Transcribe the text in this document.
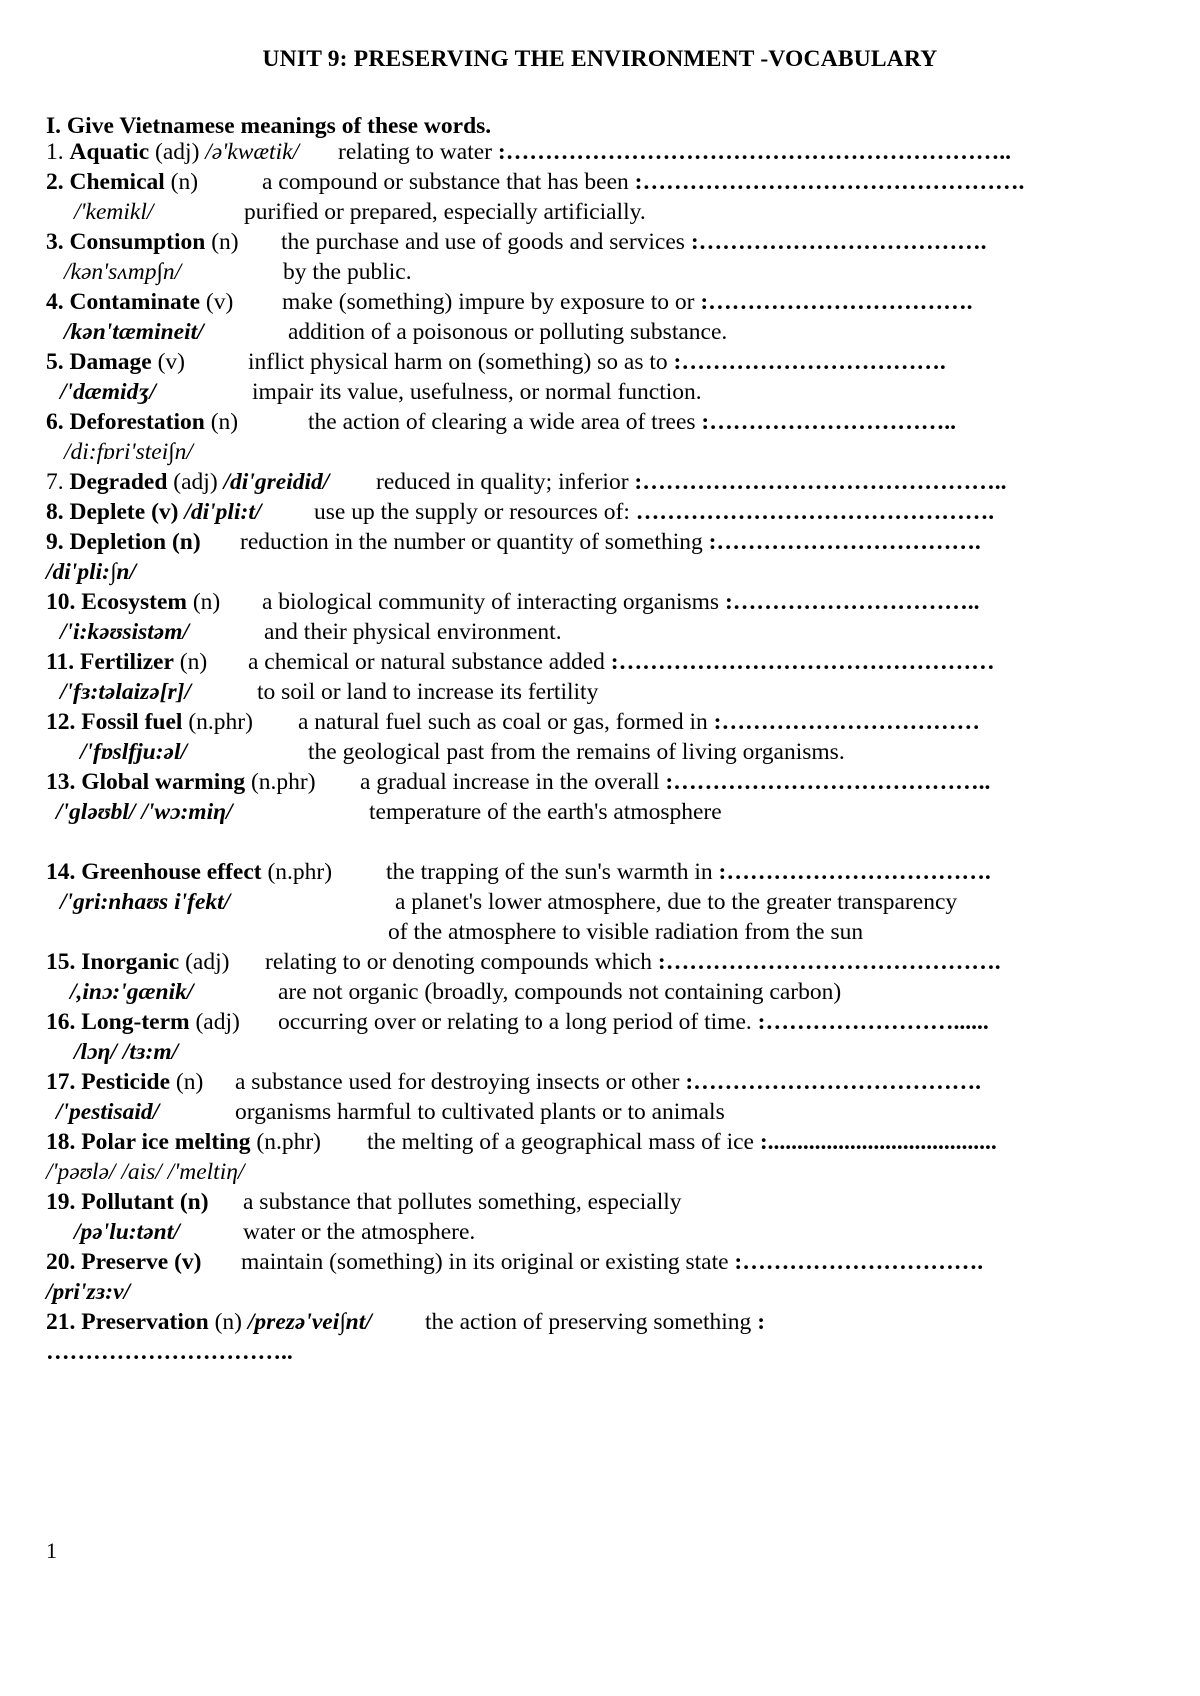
UNIT 9: PRESERVING THE ENVIRONMENT -VOCABULARY
I. Give Vietnamese meanings of these words.
1. Aquatic (adj) /ə'kwætik/ relating to water :………………………………………………………..
2. Chemical (n)	a compound or substance that has been :………………………………………….
/'kemikl/	purified or prepared, especially artificially.
3. Consumption (n) the purchase and use of goods and services :……………………………….
/kən'sʌmp∫n/	by the public.
4. Contaminate (v) make (something) impure by exposure to or :…………………………….
/kən'tæmineit/	addition of a poisonous or polluting substance.
5. Damage (v)	inflict physical harm on (something) so as to :…………………………….
/'dæmidʒ/	impair its value, usefulness, or normal function.
6. Deforestation (n)	the action of clearing a wide area of trees :…………………………..
/di:fɒri'stei∫n/
7. Degraded (adj) /di'greidid/ reduced in quality; inferior :………………………………………..
8. Deplete (v) /di'pli:t/ use up the supply or resources of: ……………………………………….
9. Depletion (n) reduction in the number or quantity of something :…………………………….
/di'pli:∫n/
10. Ecosystem (n) a biological community of interacting organisms :…………………………..
/'i:kəʊsistəm/	and their physical environment.
11. Fertilizer (n) a chemical or natural substance added :…………………………………………
/'fɜ:təlaizə[r]/	to soil or land to increase its fertility
12. Fossil fuel (n.phr) a natural fuel such as coal or gas, formed in :……………………………
/'fɒslfju:əl/	the geological past from the remains of living organisms.
13. Global warming (n.phr) a gradual increase in the overall :…………………………………..
/'gləʊbl/ /'wɔ:miη/	temperature of the earth's atmosphere
14. Greenhouse effect (n.phr) the trapping of the sun's warmth in :…………………………….
/'gri:nhaʊs i'fekt/	a planet's lower atmosphere, due to the greater transparency
of the atmosphere to visible radiation from the sun
15. Inorganic (adj) relating to or denoting compounds which :…………………………………….
/,inɔ:'gænik/	are not organic (broadly, compounds not containing carbon)
16. Long-term (adj) occurring over or relating to a long period of time. :……………………......
/lɔη/ /tɜ:m/
17. Pesticide (n) a substance used for destroying insects or other :……………………………….
/'pestisaid/	organisms harmful to cultivated plants or to animals
18. Polar ice melting (n.phr) the melting of a geographical mass of ice :.......................................
/'pəʊlə/ /ais/ /'meltiη/
19. Pollutant (n) a substance that pollutes something, especially
/pə'lu:tənt/	water or the atmosphere.
20. Preserve (v) maintain (something) in its original or existing state :………………………….
/pri'zɜ:v/
21. Preservation (n) /prezə'vei∫nt/ the action of preserving something :
…………………………..
1
